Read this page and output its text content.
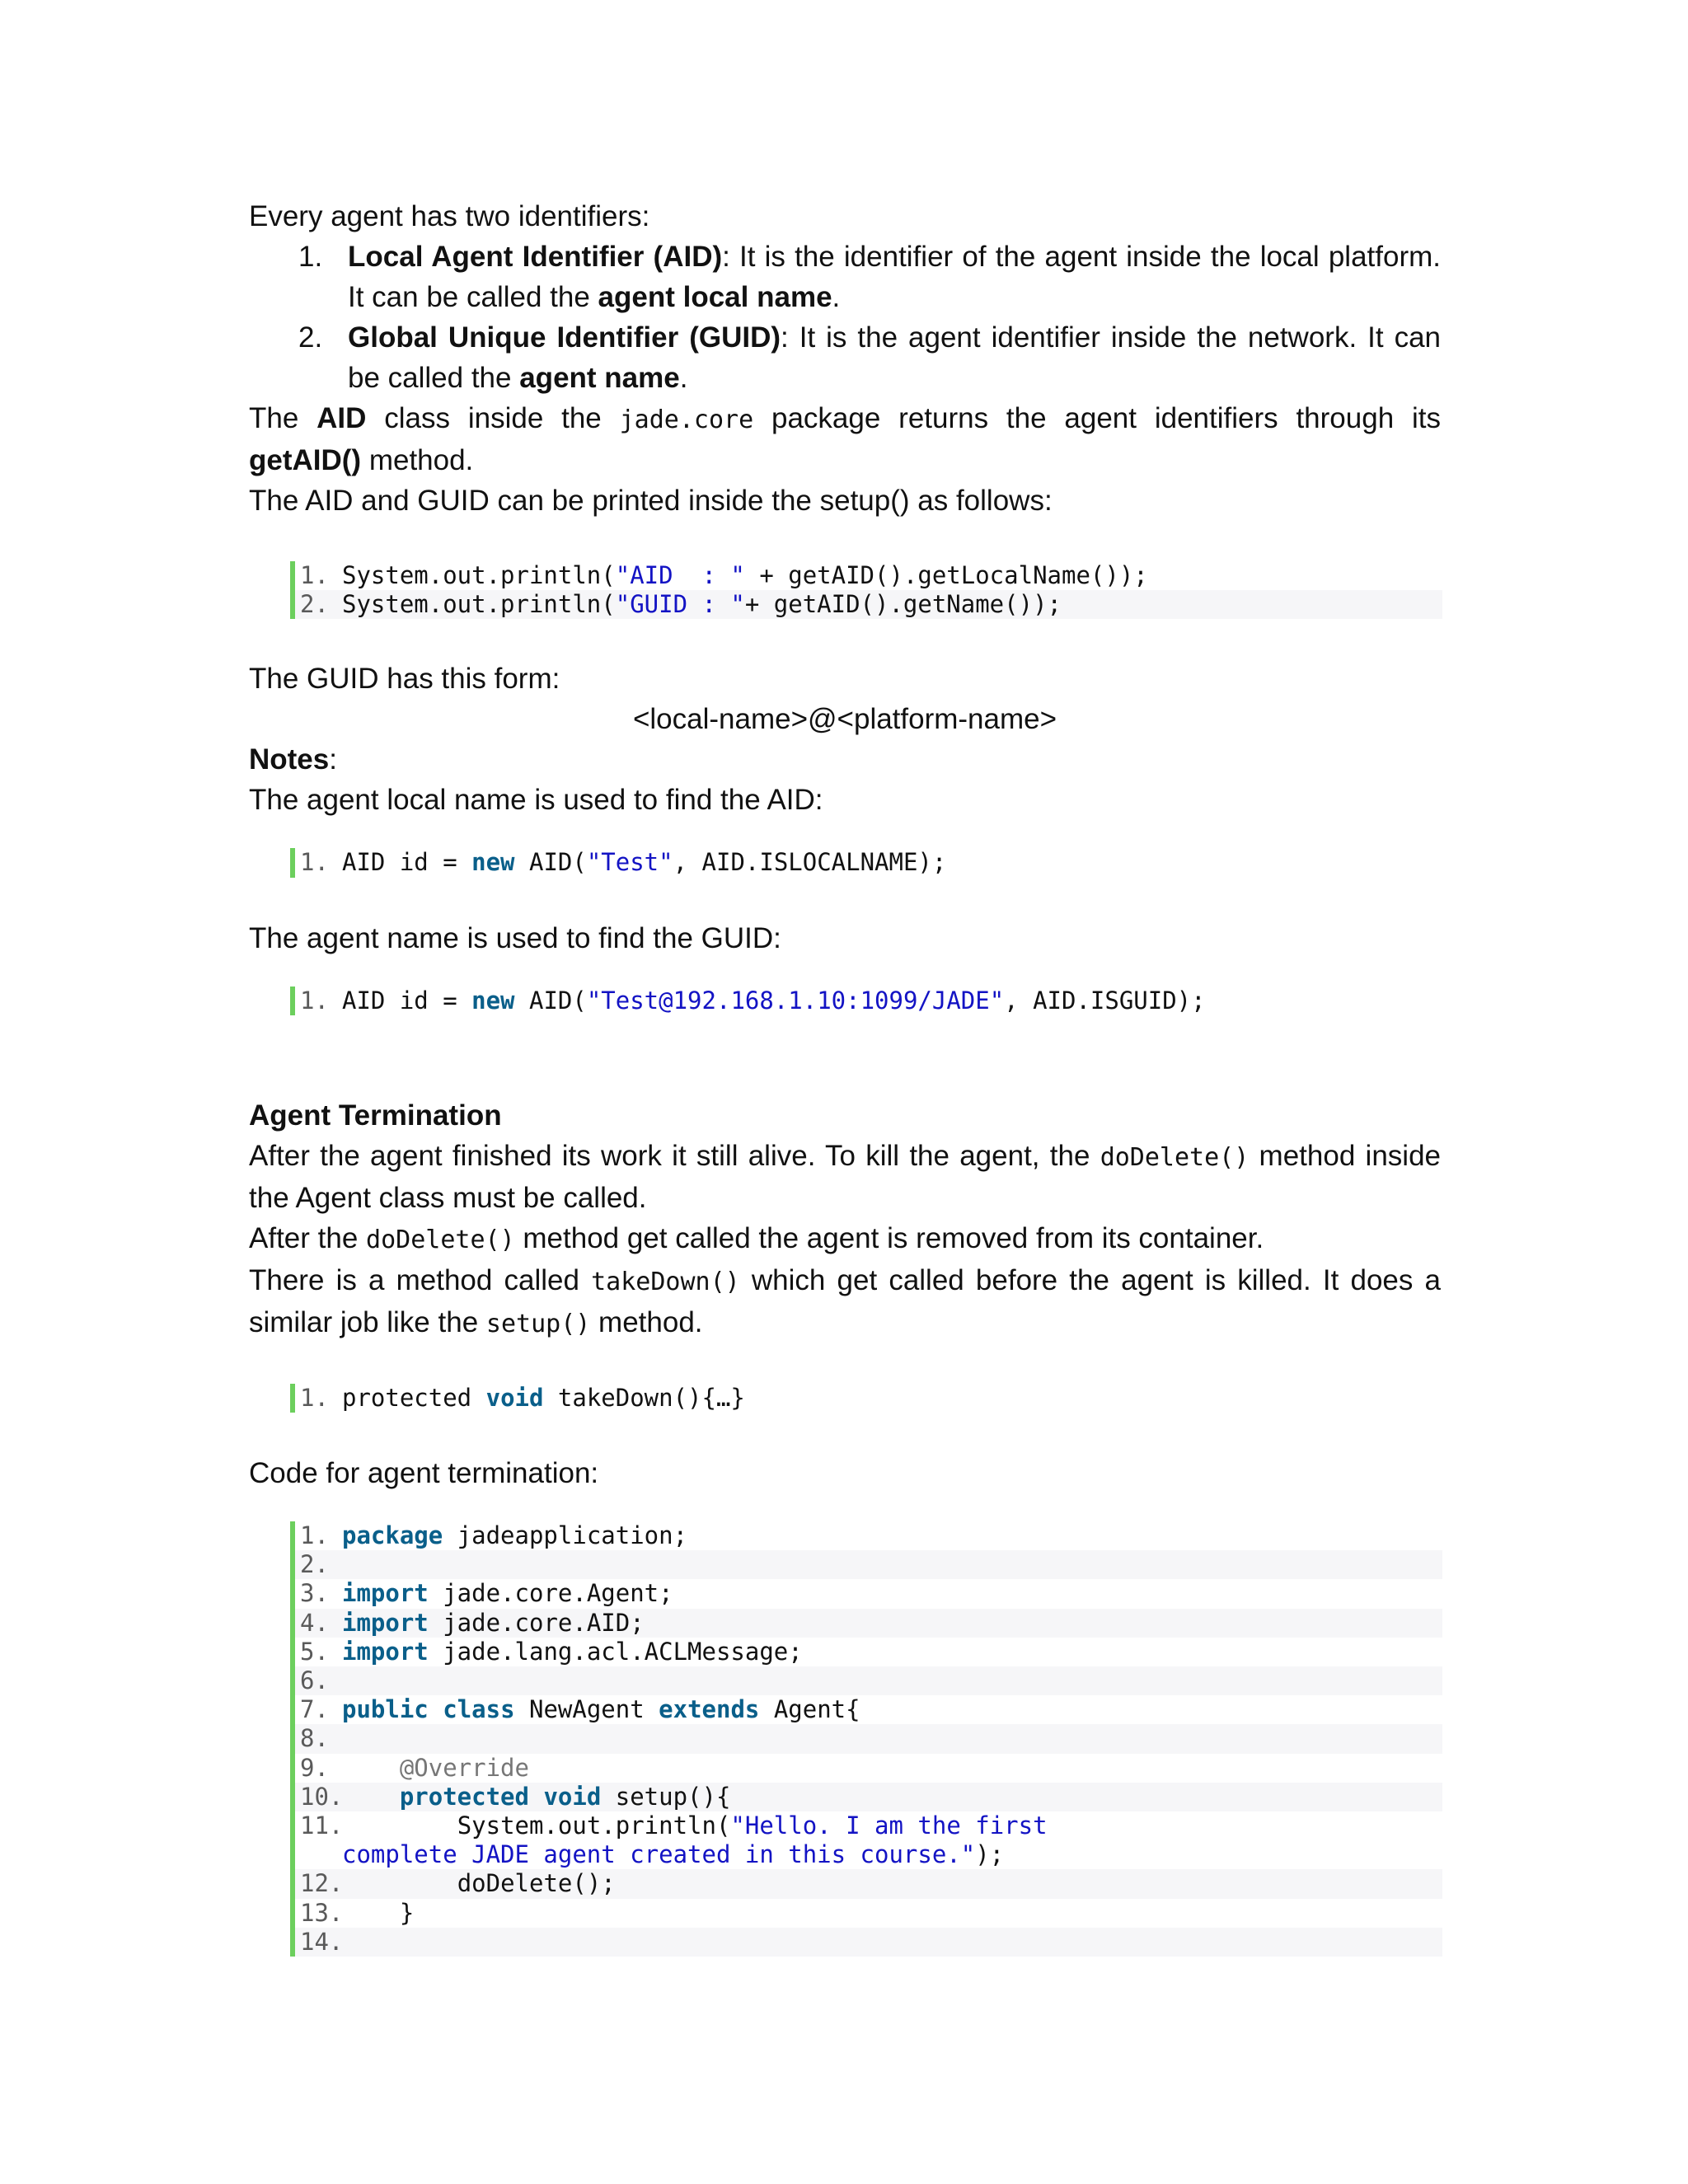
Every agent has two identifiers:

1. Local Agent Identifier (AID): It is the identifier of the agent inside the local platform. It can be called the agent local name.
2. Global Unique Identifier (GUID): It is the agent identifier inside the network. It can be called the agent name.

The AID class inside the jade.core package returns the agent identifiers through its getAID() method.

The AID and GUID can be printed inside the setup() as follows:

1. System.out.println("AID  : " + getAID().getLocalName());
2. System.out.println("GUID : "+ getAID().getName());

The GUID has this form:

<local-name>@<platform-name>

Notes:

The agent local name is used to find the AID:

1. AID id = new AID("Test", AID.ISLOCALNAME);

The agent name is used to find the GUID:

1. AID id = new AID("Test@192.168.1.10:1099/JADE", AID.ISGUID);

Agent Termination

After the agent finished its work it still alive. To kill the agent, the doDelete() method inside the Agent class must be called.

After the doDelete() method get called the agent is removed from its container.

There is a method called takeDown() which get called before the agent is killed. It does a similar job like the setup() method.

1. protected void takeDown(){…}

Code for agent termination:

1. package jadeapplication;
2.

3. import jade.core.Agent;
4. import jade.core.AID;
5. import jade.lang.acl.ACLMessage;
6.

7. public class NewAgent extends Agent{
8.

9.	@Override
10. protected void setup(){
11.	System.out.println("Hello. I am the first
complete JADE agent created in this course.");
12.	doDelete();
13. }
14.
